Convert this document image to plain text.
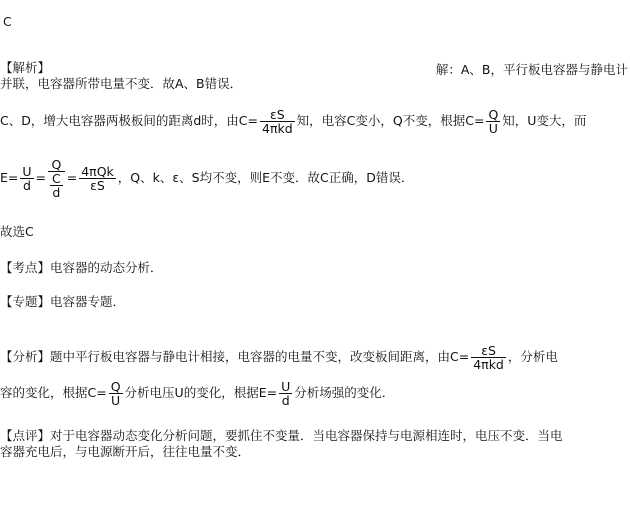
C
【解析】	解：A、B，平行板电容器与静电计
并联，电容器所带电量不变．故A、B错误．
C、D，增大电容器两极板间的距离d时，由$C= \frac{\varepsilon S}{\text{4πkd}}$ 知，电容C变小，Q不变，根据$C= \frac{Q}{U}$ 知，U变大，而
$E= \frac{U}{d} = \frac{Q}{\frac{C}{d}} = \frac{\text{4πQk}}{\varepsilon S}$ ，Q、k、ε、S均不变，则E不变．故C正确，D错误．
故选C
【考点】电容器的动态分析．
【专题】电容器专题．
【分析】题中平行板电容器与静电计相接，电容器的电量不变，改变板间距离，由$C= \frac{\varepsilon S}{\text{4πkd}}$ ，分析电
容的变化，根据$C= \frac{Q}{U}$ 分析电压U的变化，根据$E= \frac{U}{d}$ 分析场强的变化．
【点评】对于电容器动态变化分析问题，要抓住不变量．当电容器保持与电源相连时，电压不变．当电
容器充电后，与电源断开后，往往电量不变．
